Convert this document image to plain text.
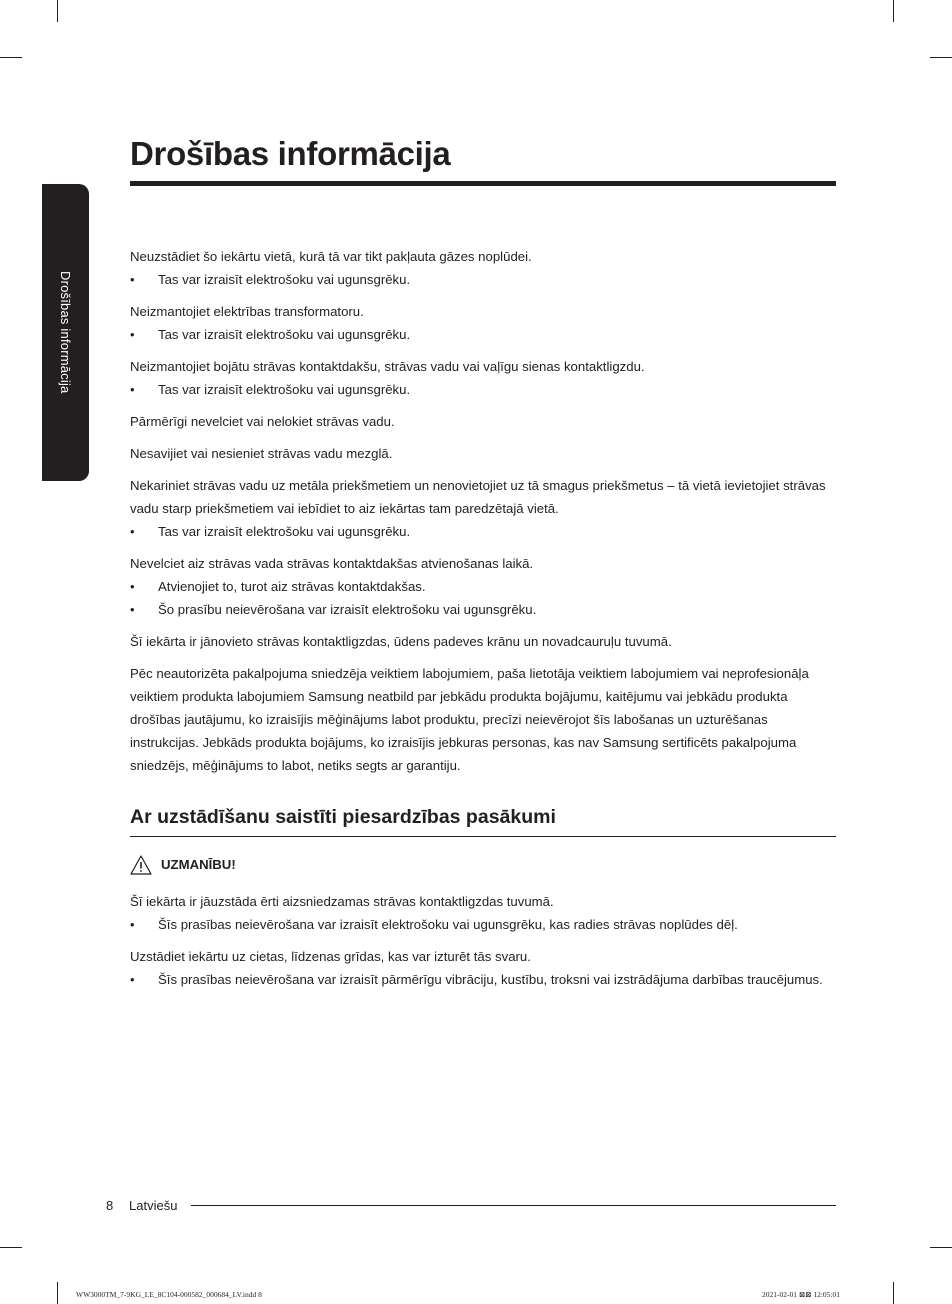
Drošības informācija
Drošības informācija

Neuzstādiet šo iekārtu vietā, kurā tā var tikt pakļauta gāzes noplūdei.

• Tas var izraisīt elektrošoku vai ugunsgrēku.

Neizmantojiet elektrības transformatoru.

• Tas var izraisīt elektrošoku vai ugunsgrēku.

Neizmantojiet bojātu strāvas kontaktdakšu, strāvas vadu vai vaļīgu sienas kontaktligzdu.

• Tas var izraisīt elektrošoku vai ugunsgrēku.

Pārmērīgi nevelciet vai nelokiet strāvas vadu.

Nesavijiet vai nesieniet strāvas vadu mezglā.

Nekariniet strāvas vadu uz metāla priekšmetiem un nenovietojiet uz tā smagus priekšmetus – tā vietā ievietojiet strāvas vadu starp priekšmetiem vai iebīdiet to aiz iekārtas tam paredzētajā vietā.

• Tas var izraisīt elektrošoku vai ugunsgrēku.

Nevelciet aiz strāvas vada strāvas kontaktdakšas atvienošanas laikā.

• Atvienojiet to, turot aiz strāvas kontaktdakšas.
• Šo prasību neievērošana var izraisīt elektrošoku vai ugunsgrēku.

Šī iekārta ir jānovieto strāvas kontaktligzdas, ūdens padeves krānu un novadcauruļu tuvumā.

Pēc neautorizēta pakalpojuma sniedzēja veiktiem labojumiem, paša lietotāja veiktiem labojumiem vai neprofesionāļa veiktiem produkta labojumiem Samsung neatbild par jebkādu produkta bojājumu, kaitējumu vai jebkādu produkta drošības jautājumu, ko izraisījis mēģinājums labot produktu, precīzi neievērojot šīs labošanas un uzturēšanas instrukcijas. Jebkāds produkta bojājums, ko izraisījis jebkuras personas, kas nav Samsung sertificēts pakalpojuma sniedzējs, mēģinājums to labot, netiks segts ar garantiju.

Ar uzstādīšanu saistīti piesardzības pasākumi
UZMANĪBU!

Šī iekārta ir jāuzstāda ērti aizsniedzamas strāvas kontaktligzdas tuvumā.

• Šīs prasības neievērošana var izraisīt elektrošoku vai ugunsgrēku, kas radies strāvas noplūdes dēļ.

Uzstādiet iekārtu uz cietas, līdzenas grīdas, kas var izturēt tās svaru.

• Šīs prasības neievērošana var izraisīt pārmērīgu vibrāciju, kustību, troksni vai izstrādājuma darbības traucējumus.
8	Latviešu
WW3000TM_7-9KG_LE_8C104-000582_000684_LV.indd 8	2021-02-01 ⊠⊠ 12:05:01
